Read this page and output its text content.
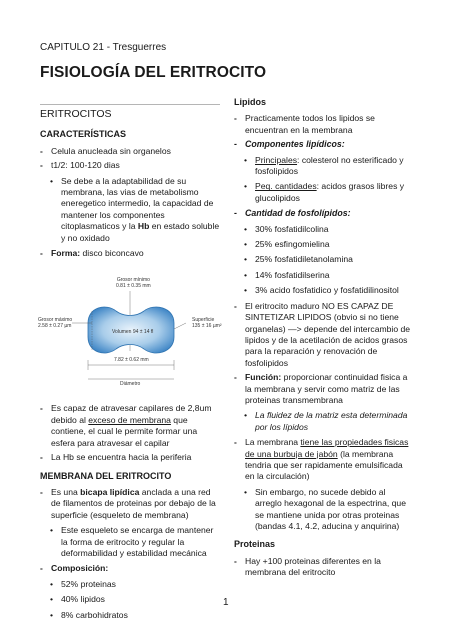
CAPITULO 21 - Tresguerres
FISIOLOGÍA DEL ERITROCITO
ERITROCITOS
CARACTERÍSTICAS
- Celula anucleada sin organelos
- t1/2: 100-120 dias
• Se debe a la adaptabilidad de su membrana, las vias de metabolismo eneregetico intermedio, la capacidad de mantener los componentes citoplasmaticos y la Hb en estado soluble y no oxidado
- Forma: disco biconcavo
Grosor mínimo
0.81 ± 0.35 mm
Grosor máximo
2.58 ± 0.27 µm
Volumen 94 ± 14 fl
Superficie
135 ± 16 µm²
7.82 ± 0.62 mm
Diámetro
- Es capaz de atravesar capilares de 2,8um debido al exceso de membrana que contiene, el cual le permite formar una esfera para atravesar el capilar
- La Hb se encuentra hacia la periferia
MEMBRANA DEL ERITROCITO
- Es una bicapa lipídica anclada a una red de filamentos de proteinas por debajo de la superficie (esqueleto de membrana)
• Este esqueleto se encarga de mantener la forma de eritrocito y regular la deformabilidad y estabilidad mecánica
- Composición:
• 52% proteinas
• 40% lipidos
• 8% carbohidratos
Lipidos
- Practicamente todos los lipidos se encuentran en la membrana
- Componentes lipídicos:
• Principales: colesterol no esterificado y fosfolipidos
• Peq. cantidades: acidos grasos libres y glucolipidos
- Cantidad de fosfolípidos:
• 30% fosfatidilcolina
• 25% esfingomielina
• 25% fosfatidiletanolamina
• 14% fosfatidilserina
• 3% acido fosfatidico y fosfatidilinositol
- El eritrocito maduro NO ES CAPAZ DE SINTETIZAR LIPIDOS (obvio si no tiene organelas) —> depende del intercambio de lipidos y de la acetilación de acidos grasos para la reparación y renovación de fosfolipidos
- Función: proporcionar continuidad fisica a la membrana y servir como matriz de las proteinas transmembrana
• La fluidez de la matriz esta determinada por los lípidos
- La membrana tiene las propiedades fisicas de una burbuja de jabón (la membrana tendria que ser rapidamente emulsificada en la circulación)
• Sin embargo, no sucede debido al arreglo hexagonal de la espectrina, que se mantiene unida por otras proteinas (bandas 4.1, 4.2, aducina y anquirina)
Proteinas
- Hay +100 proteinas diferentes en la membrana del eritrocito
1
